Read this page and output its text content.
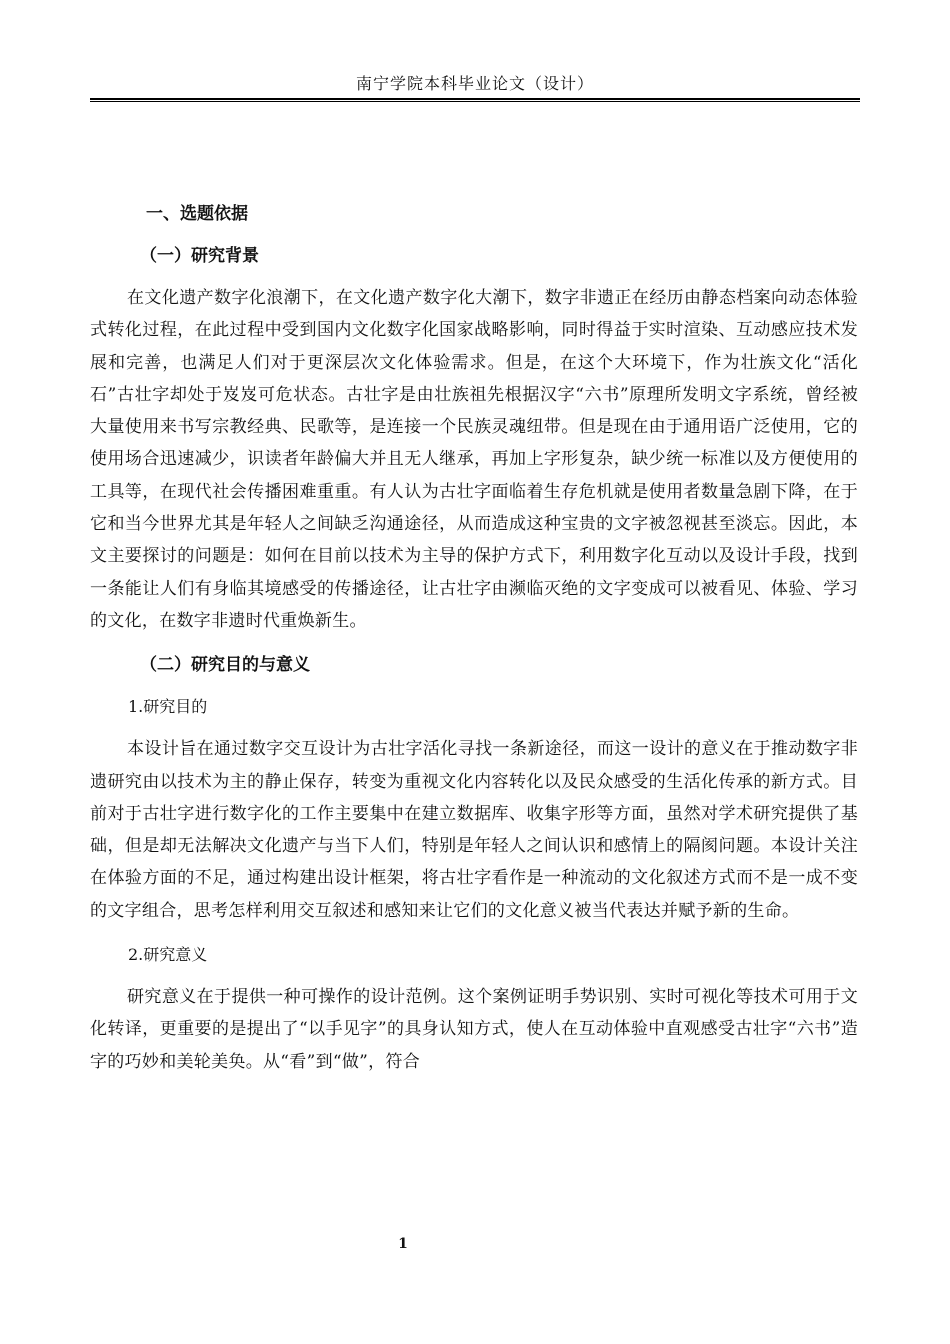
南宁学院本科毕业论文（设计）
一、选题依据
（一）研究背景

在文化遗产数字化浪潮下，在文化遗产数字化大潮下，数字非遗正在经历由静态档案向动态体验式转化过程，在此过程中受到国内文化数字化国家战略影响，同时得益于实时渲染、互动感应技术发展和完善，也满足人们对于更深层次文化体验需求。但是，在这个大环境下，作为壮族文化“活化石”古壮字却处于岌岌可危状态。古壮字是由壮族祖先根据汉字“六书”原理所发明文字系统，曾经被大量使用来书写宗教经典、民歌等，是连接一个民族灵魂纽带。但是现在由于通用语广泛使用，它的使用场合迅速减少，识读者年龄偏大并且无人继承，再加上字形复杂，缺少统一标准以及方便使用的工具等，在现代社会传播困难重重。有人认为古壮字面临着生存危机就是使用者数量急剧下降，在于它和当今世界尤其是年轻人之间缺乏沟通途径，从而造成这种宝贵的文字被忽视甚至淡忘。因此，本文主要探讨的问题是：如何在目前以技术为主导的保护方式下，利用数字化互动以及设计手段，找到一条能让人们有身临其境感受的传播途径，让古壮字由濒临灭绝的文字变成可以被看见、体验、学习的文化，在数字非遗时代重焕新生。

（二）研究目的与意义
1.研究目的

本设计旨在通过数字交互设计为古壮字活化寻找一条新途径，而这一设计的意义在于推动数字非遗研究由以技术为主的静止保存，转变为重视文化内容转化以及民众感受的生活化传承的新方式。目前对于古壮字进行数字化的工作主要集中在建立数据库、收集字形等方面，虽然对学术研究提供了基础，但是却无法解决文化遗产与当下人们，特别是年轻人之间认识和感情上的隔阂问题。本设计关注在体验方面的不足，通过构建出设计框架，将古壮字看作是一种流动的文化叙述方式而不是一成不变的文字组合，思考怎样利用交互叙述和感知来让它们的文化意义被当代表达并赋予新的生命。

2.研究意义

研究意义在于提供一种可操作的设计范例。这个案例证明手势识别、实时可视化等技术可用于文化转译，更重要的是提出了“以手见字”的具身认知方式，使人在互动体验中直观感受古壮字“六书”造字的巧妙和美轮美奂。从“看”到“做”，符合

1
